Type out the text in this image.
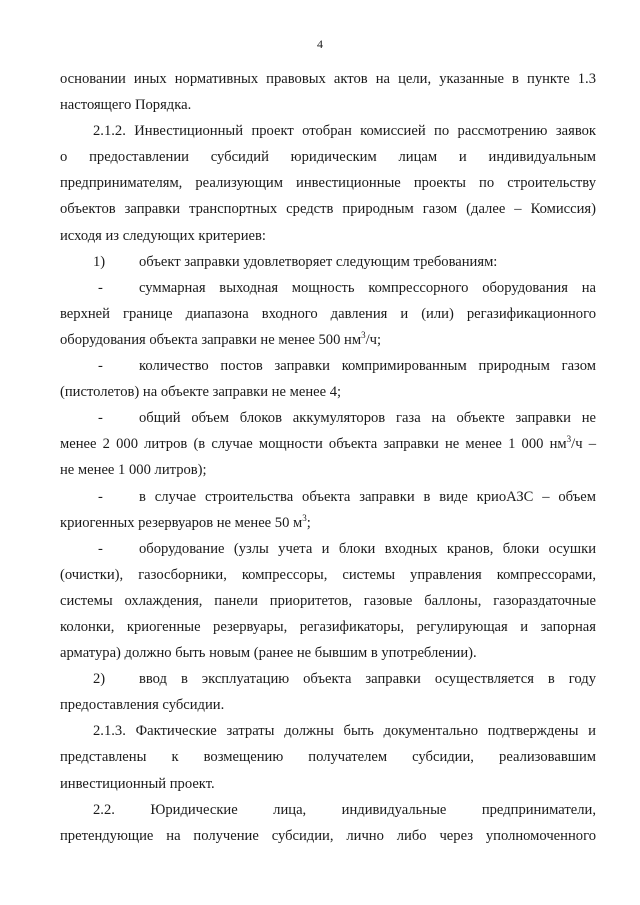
4

основании иных нормативных правовых актов на цели, указанные в пункте 1.3

настоящего Порядка.

2.1.2. Инвестиционный проект отобран комиссией по рассмотрению заявок

о предоставлении субсидий юридическим лицам и индивидуальным

предпринимателям, реализующим инвестиционные проекты по строительству

объектов заправки транспортных средств природным газом (далее – Комиссия)

исходя из следующих критериев:

1) объект заправки удовлетворяет следующим требованиям:

- суммарная выходная мощность компрессорного оборудования на

верхней границе диапазона входного давления и (или) регазификационного

оборудования объекта заправки не менее 500 $нм^3/ч$;

- количество постов заправки компримированным природным газом

(пистолетов) на объекте заправки не менее 4;

- общий объем блоков аккумуляторов газа на объекте заправки не

менее 2 000 литров (в случае мощности объекта заправки не менее 1 000 $нм^3/ч$ –

не менее 1 000 литров);

- в случае строительства объекта заправки в виде криоАЗС – объем

криогенных резервуаров не менее 50 $м^3$;

- оборудование (узлы учета и блоки входных кранов, блоки осушки

(очистки), газосборники, компрессоры, системы управления компрессорами,

системы охлаждения, панели приоритетов, газовые баллоны, газораздаточные

колонки, криогенные резервуары, регазификаторы, регулирующая и запорная

арматура) должно быть новым (ранее не бывшим в употреблении).

2) ввод в эксплуатацию объекта заправки осуществляется в году

предоставления субсидии.

2.1.3. Фактические затраты должны быть документально подтверждены и

представлены к возмещению получателем субсидии, реализовавшим

инвестиционный проект.

2.2. Юридические лица, индивидуальные предприниматели,

претендующие на получение субсидии, лично либо через уполномоченного
